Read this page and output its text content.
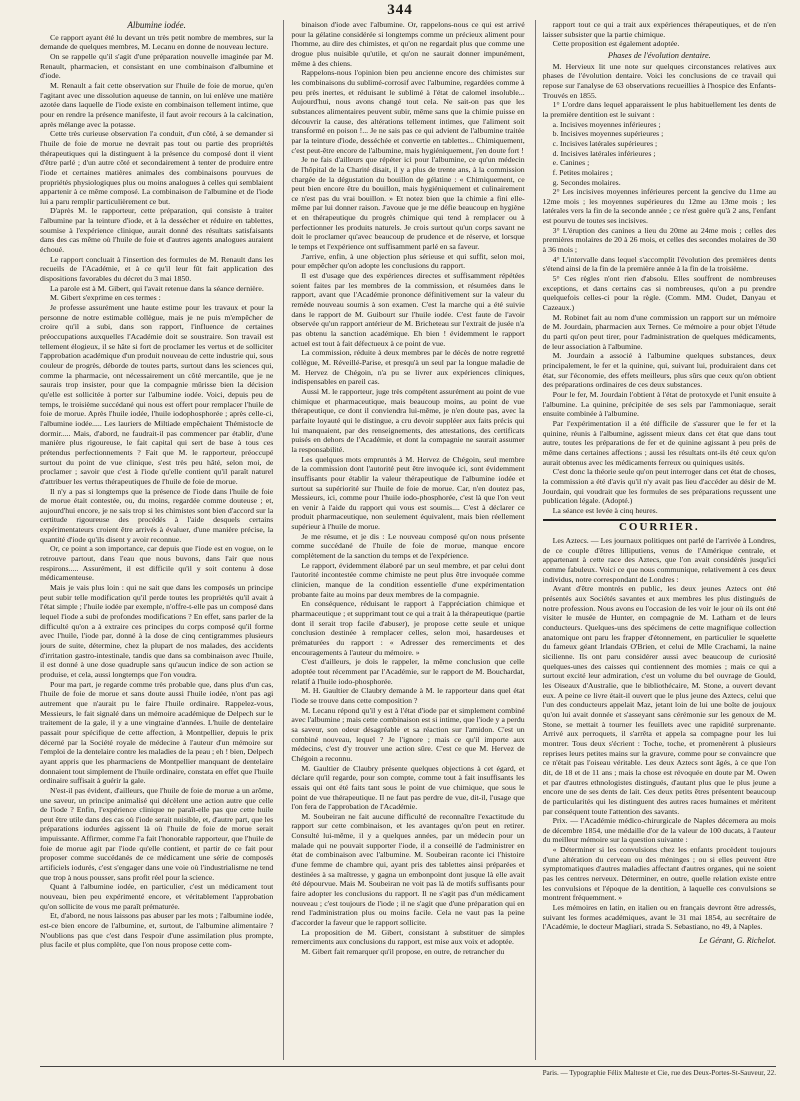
344
Albumine iodée.

Ce rapport ayant été lu devant un très petit nombre de membres, sur la demande de quelques membres, M. Lecanu en donne de nouveau lecture.

On se rappelle qu'il s'agit d'une préparation nouvelle imaginée par M. Renault, pharmacien, et consistant en une combinaison d'albumine et d'iode.

M. Renault a fait cette observation sur l'huile de foie de morue, qu'en l'agitant avec une dissolution aqueuse de tannin, on lui enlève une matière azotée dans laquelle de l'iode existe en combinaison tellement intime, que pour en rendre la présence manifeste, il faut avoir recours à la calcination, après mélange avec la potasse.

Cette très curieuse observation l'a conduit, d'un côté, à se demander si l'huile de foie de morue ne devrait pas tout ou partie des propriétés thérapeutiques qui la distinguent à la présence du composé dont il vient d'être parlé ; d'un autre côté et secondairement à tenter de produire entre l'iode et certaines matières animales des combinaisons pourvues de propriétés physiologiques plus ou moins analogues à celles qui semblaient appartenir à ce même composé. La combinaison de l'albumine et de l'iode lui a paru remplir particulièrement ce but.

D'après M. le rapporteur, cette préparation, qui consiste à traiter l'albumine par la teinture d'iode, et à la dessécher et réduire en tablettes, soumise à l'expérience clinique, aurait donné des résultats satisfaisants dans des cas même où l'huile de foie et d'autres agents analogues auraient échoué.

Le rapport concluait à l'insertion des formules de M. Renault dans les recueils de l'Académie, et à ce qu'il leur fût fait application des dispositions favorables du décret du 3 mai 1850.

La parole est à M. Gibert, qui l'avait retenue dans la séance dernière.

M. Gibert s'exprime en ces termes :

Je professe assurément une haute estime pour les travaux et pour la personne de notre estimable collègue, mais je ne puis m'empêcher de croire qu'il a subi, dans son rapport, l'influence de certaines préoccupations auxquelles l'Académie doit se soustraire. Son travail est tellement élogieux, il se hâte si fort de proclamer les vertus et de solliciter l'approbation académique d'un produit nouveau de cette industrie qui, sous couleur de progrès, déborde de toutes parts, surtout dans les sciences qui, comme la pharmacie, ont nécessairement un côté mercantile, que je ne saurais trop insister, pour que la compagnie mûrisse bien la décision qu'elle est sollicitée à porter sur l'albumine iodée. Voici, depuis peu de temps, le troisième succédané qui nous est offert pour remplacer l'huile de foie de morue. Après l'huile iodée, l'huile iodophosphorée ; après celle-ci, l'albumine iodée..... Les lauriers de Miltiade empêchaient Thémistocle de dormir..... Mais, d'abord, ne faudrait-il pas commencer par établir, d'une manière plus rigoureuse, le fait capital qui sert de base à tous ces prétendus perfectionnements ? Fait que M. le rapporteur, préoccupé surtout du point de vue clinique, s'est très peu hâté, selon moi, de proclamer ; savoir que c'est à l'iode qu'elle contient qu'il paraît naturel d'attribuer les vertus thérapeutiques de l'huile de foie de morue.

Il n'y a pas si longtemps que la présence de l'iode dans l'huile de foie de morue était contestée, ou, du moins, regardée comme douteuse ; et, aujourd'hui encore, je ne sais trop si les chimistes sont bien d'accord sur la certitude rigoureuse des procédés à l'aide desquels certains expérimentateurs croient être arrivés à évaluer, d'une manière précise, la quantité d'iode qu'ils disent y avoir reconnue.

Or, ce point a son importance, car depuis que l'iode est en vogue, on le retrouve partout, dans l'eau que nous buvons, dans l'air que nous respirons..... Assurément, il est difficile qu'il y soit contenu à dose médicamenteuse.

Mais je vais plus loin : qui ne sait que dans les composés un principe peut subir telle modification qu'il perde toutes les propriétés qu'il avait à l'état simple ; l'huile iodée par exemple, n'offre-t-elle pas un composé dans lequel l'iode a subi de profondes modifications ? En effet, sans parler de la difficulté qu'on a à extraire ces principes du corps composé qu'il forme avec l'huile, l'iode par, donné à la dose de cinq centigrammes plusieurs jours de suite, détermine, chez la plupart de nos malades, des accidents d'irritation gastro-intestinale, tandis que dans sa combinaison avec l'huile, il est donné à une dose quadruple sans qu'aucun indice de son action se produise, et cela, aussi longtemps que l'on voudra.

Pour ma part, je regarde comme très probable que, dans plus d'un cas, l'huile de foie de morue et sans doute aussi l'huile iodée, n'ont pas agi autrement que n'aurait pu le faire l'huile ordinaire. Rappelez-vous, Messieurs, le fait signalé dans un mémoire académique de Delpech sur le traitement de la gale, il y a une vingtaine d'années. L'huile de dentelaire passait pour spécifique de cette affection, à Montpellier, depuis le prix décerné par la Société royale de médecine à l'auteur d'un mémoire sur l'emploi de la dentelaire contre les maladies de la peau ; eh ! bien, Delpech ayant appris que les pharmaciens de Montpellier manquant de dentelaire donnaient tout simplement de l'huile ordinaire, constata en effet que l'huile ordinaire suffisait à guérir la gale.

N'est-il pas évident, d'ailleurs, que l'huile de foie de morue a un arôme, une saveur, un principe animalisé qui décèlent une action autre que celle de l'iode ? Enfin, l'expérience clinique ne paraît-elle pas que cette huile peut être utile dans des cas où l'iode serait nuisible, et, d'autre part, que les préparations iodurées agissent là où l'huile de foie de morue serait impuissante. Affirmer, comme l'a fait l'honorable rapporteur, que l'huile de foie de morue agit par l'iode qu'elle contient, et partir de ce fait pour proposer comme succédanés de ce médicament une série de composés artificiels iodurés, c'est s'engager dans une voie où l'industrialisme ne tend que trop à nous pousser, sans profit réel pour la science.

Quant à l'albumine iodée, en particulier, c'est un médicament tout nouveau, bien peu expérimenté encore, et véritablement l'approbation qu'on sollicite de vous me paraît prématurée.

Et, d'abord, ne nous laissons pas abuser par les mots ; l'albumine iodée, est-ce bien encore de l'albumine, et, surtout, de l'albumine alimentaire ? N'oublions pas que c'est dans l'espoir d'une assimilation plus prompte, plus facile et plus complète, que l'on nous propose cette com-

binaison d'iode avec l'albumine. Or, rappelons-nous ce qui est arrivé pour la gélatine considérée si longtemps comme un précieux aliment pour l'homme, au dire des chimistes, et qu'on ne regardait plus que comme une drogue plus nuisible qu'utile, et qu'on ne saurait donner impunément, même à des chiens.

Rappelons-nous l'opinion bien peu ancienne encore des chimistes sur les combinaisons du sublimé-corrosif avec l'albumine, regardées comme à peu près inertes, et réduisant le sublimé à l'état de calomel insoluble... Aujourd'hui, nous avons changé tout cela. Ne sait-on pas que les substances alimentaires peuvent subir, même sans que la chimie puisse en découvrir la cause, des altérations tellement intimes, que l'aliment soit transformé en poison !... Je ne sais pas ce qui advient de l'albumine traitée par la teinture d'iode, desséchée et convertie en tablettes... Chimiquement, c'est peut-être encore de l'albumine, mais hygiéniquement, j'en doute fort !

Je ne fais d'ailleurs que répéter ici pour l'albumine, ce qu'un médecin de l'hôpital de la Charité disait, il y a plus de trente ans, à la commission chargée de la dégustation du bouillon de gélatine : « Chimiquement, ce peut bien encore être du bouillon, mais hygiéniquement et culinairement ce n'est pas du vrai bouillon. » Et notez bien que la chimie a fini elle-même par lui donner raison. J'avoue que je me défie beaucoup en hygiène et en thérapeutique du progrès chimique qui tend à remplacer ou à perfectionner les produits naturels. Je crois surtout qu'un corps savant ne doit le proclamer qu'avec beaucoup de prudence et de réserve, et lorsque le temps et l'expérience ont suffisamment parlé en sa faveur.

J'arrive, enfin, à une objection plus sérieuse et qui suffit, selon moi, pour empêcher qu'on adopte les conclusions du rapport.

Il est d'usage que des expériences directes et suffisamment répétées soient faites par les membres de la commission, et résumées dans le rapport, avant que l'Académie prononce définitivement sur la valeur du remède nouveau soumis à son examen. C'est la marche qui a été suivie dans le rapport de M. Guibourt sur l'huile iodée. C'est faute de l'avoir observée qu'un rapport antérieur de M. Bricheteau sur l'extrait de jusée n'a pas obtenu la sanction académique. Eh bien ! évidemment le rapport actuel est tout à fait défectueux à ce point de vue.

La commission, réduite à deux membres par le décès de notre regretté collègue, M. Réveillé-Parise, et presqu'à un seul par la longue maladie de M. Hervez de Chégoin, n'a pu se livrer aux expériences cliniques, indispensables en pareil cas.

Aussi M. le rapporteur, juge très compétent assurément au point de vue chimique et pharmaceutique, mais beaucoup moins, au point de vue thérapeutique, ce dont il conviendra lui-même, je n'en doute pas, avec la parfaite loyauté qui le distingue, a cru devoir suppléer aux faits précis qui lui manquaient, par des renseignements, des attestations, des certificats puisés en dehors de l'Académie, et dont la compagnie ne saurait assumer la responsabilité.

Les quelques mots empruntés à M. Hervez de Chégoin, seul membre de la commission dont l'autorité peut être invoquée ici, sont évidemment insuffisants pour établir la valeur thérapeutique de l'albumine iodée et surtout sa supériorité sur l'huile de foie de morue. Car, n'en doutez pas, Messieurs, ici, comme pour l'huile iodo-phosphorée, c'est là que l'on veut en venir à l'aide du rapport qui vous est soumis.... C'est à déclarer ce produit pharmaceutique, non seulement équivalent, mais bien réellement supérieur à l'huile de morue.

Je me résume, et je dis : Le nouveau composé qu'on nous présente comme succédané de l'huile de foie de morue, manque encore complètement de la sanction du temps et de l'expérience.

Le rapport, évidemment élaboré par un seul membre, et par celui dont l'autorité incontestée comme chimiste ne peut plus être invoquée comme clinicien, manque de la condition essentielle d'une expérimentation probante faite au moins par deux membres de la compagnie.

En conséquence, réduisant le rapport à l'appréciation chimique et pharmaceutique ; et supprimant tout ce qui a trait à la thérapeutique (partie dont il serait trop facile d'abuser), je propose cette seule et unique conclusion destinée à remplacer celles, selon moi, hasardeuses et prématurées du rapport : « Adresser des remerciments et des encouragements à l'auteur du mémoire. »

C'est d'ailleurs, je dois le rappeler, la même conclusion que celle adoptée tout récemment par l'Académie, sur le rapport de M. Bouchardat, relatif à l'huile iodo-phosphorée.

M. H. Gaultier de Claubry demande à M. le rapporteur dans quel état l'iode se trouve dans cette composition ?

M. Lecanu répond qu'il y est à l'état d'iode par et simplement combiné avec l'albumine ; mais cette combinaison est si intime, que l'iode y a perdu sa saveur, son odeur désagréable et sa réaction sur l'amidon. C'est un combiné nouveau, lequel ? Je l'ignore ; mais ce qu'il importe aux médecins, c'est d'y trouver une action sûre. C'est ce que M. Hervez de Chégoin a reconnu.

M. Gaultier de Claubry présente quelques objections à cet égard, et déclare qu'il regarde, pour son compte, comme tout à fait insuffisants les essais qui ont été faits tant sous le point de vue chimique, que sous le point de vue thérapeutique. Il ne faut pas perdre de vue, dit-il, l'usage que l'on fera de l'approbation de l'Académie.

M. Soubeiran ne fait aucune difficulté de reconnaître l'exactitude du rapport sur cette combinaison, et les avantages qu'on peut en retirer. Consulté lui-même, il y a quelques années, par un médecin pour un malade qui ne pouvait supporter l'iode, il a conseillé de l'administrer en état de combinaison avec l'albumine. M. Soubeiran raconte ici l'histoire d'une femme de chambre qui, ayant pris des tablettes ainsi préparées et destinées à sa maîtresse, y gagna un embonpoint dont jusque là elle avait été dépourvue. Mais M. Soubeiran ne voit pas là de motifs suffisants pour faire adopter les conclusions du rapport. Il ne s'agit pas d'un médicament nouveau ; c'est toujours de l'iode ; il ne s'agit que d'une préparation qui en rend l'administration plus ou moins facile. Cela ne vaut pas la peine d'accorder la faveur que le rapport sollicite.

La proposition de M. Gibert, consistant à substituer de simples remerciments aux conclusions du rapport, est mise aux voix et adoptée.

M. Gibert fait remarquer qu'il propose, en outre, de retrancher du

rapport tout ce qui a trait aux expériences thérapeutiques, et de n'en laisser subsister que la partie chimique.

Cette proposition est également adoptée.

Phases de l'évolution dentaire.

M. Hervieux lit une note sur quelques circonstances relatives aux phases de l'évolution dentaire. Voici les conclusions de ce travail qui repose sur l'analyse de 63 observations recueillies à l'hospice des Enfants-Trouvés en 1855.

1° L'ordre dans lequel apparaissent le plus habituellement les dents de la première dentition est le suivant :

a. Incisives moyennes inférieures ;
b. Incisives moyennes supérieures ;
c. Incisives latérales supérieures ;
d. Incisives latérales inférieures ;
e. Canines ;
f. Petites molaires ;
g. Secondes molaires.

2° Les incisives moyennes inférieures percent la gencive du 11me au 12me mois ; les moyennes supérieures du 12me au 13me mois ; les latérales vers la fin de la seconde année ; ce n'est guère qu'à 2 ans, l'enfant est pourvu de toutes ses incisives.

3° L'éruption des canines a lieu du 20me au 24me mois ; celles des premières molaires de 20 à 26 mois, et celles des secondes molaires de 30 à 36 mois ;

4° L'intervalle dans lequel s'accomplit l'évolution des premières dents s'étend ainsi de la fin de la première année à la fin de la troisième.

5° Ces règles n'ont rien d'absolu. Elles souffrent de nombreuses exceptions, et dans certains cas si nombreuses, qu'on a pu prendre quelquefois celles-ci pour la règle. (Comm. MM. Oudet, Danyau et Cazeaux.)

M. Robinet fait au nom d'une commission un rapport sur un mémoire de M. Jourdain, pharmacien aux Ternes. Ce mémoire a pour objet l'étude du parti qu'on peut tirer, pour l'administration de quelques médicaments, de leur association à l'albumine.

M. Jourdain a associé à l'albumine quelques substances, deux principalement, le fer et la quinine, qui, suivant lui, produiraient dans cet état, sur l'économie, des effets meilleurs, plus sûrs que ceux qu'on obtient des préparations ordinaires de ces deux substances.

Pour le fer, M. Jourdain l'obtient à l'état de protoxyde et l'unit ensuite à l'albumine. La quinine, précipitée de ses sels par l'ammoniaque, serait ensuite combinée à l'albumine.

Par l'expérimentation il a été difficile de s'assurer que le fer et la quinine, réunis à l'albumine, agissent mieux dans cet état que dans tout autre, toutes les préparations de fer et de quinine agissant à peu près de même dans certaines affections ; aussi les résultats ont-ils été ceux qu'on aurait obtenus avec les médicaments ferreux ou quiniques usités.

C'est donc la théorie seule qu'on peut interroger dans cet état de choses, la commission a été d'avis qu'il n'y avait pas lieu d'accéder au désir de M. Jourdain, qui voudrait que les formules de ses préparations reçussent une publication légale. (Adopté.)

La séance est levée à cinq heures.

COURRIER.

Les Aztecs. — Les journaux politiques ont parlé de l'arrivée à Londres, de ce couple d'êtres lilliputiens, venus de l'Amérique centrale, et appartenant à cette race des Aztecs, que l'on avait considérés jusqu'ici comme fabuleux. Voici ce que nous communique, relativement à ces deux individus, notre correspondant de Londres :

Avant d'être montrés en public, les deux jeunes Aztecs ont été présentés aux Sociétés savantes et aux membres les plus distingués de notre profession. Nous avons eu l'occasion de les voir le jour où ils ont été visiter le musée de Hunter, en compagnie de M. Latham et de leurs conducteurs. Quelques-uns des spécimens de cette magnifique collection anatomique ont paru les frapper d'étonnement, en particulier le squelette du fameux géant Irlandais O'Brien, et celui de Mlle Crachami, la naine sicilienne. Ils ont paru considérer aussi avec beaucoup de curiosité quelques-unes des caisses qui contiennent des momies ; mais ce qui a surtout excité leur admiration, c'est un volume du bel ouvrage de Gould, les Oiseaux d'Australie, que le bibliothécaire, M. Stone, a ouvert devant eux. A peine ce livre était-il ouvert que le plus jeune des Aztecs, celui que l'un des conducteurs appelait Maz, jetant loin de lui une boîte de joujoux qu'on lui avait donnée et s'asseyant sans cérémonie sur les genoux de M. Stone, se mettait à tourner les feuillets avec une rapidité surprenante. Arrivé aux perroquets, il s'arrêta et appela sa compagne pour les lui montrer. Tous deux s'écrient : Toche, toche, et promenèrent à plusieurs reprises leurs petites mains sur la gravure, comme pour se convaincre que ce n'était pas l'oiseau véritable. Les deux Aztecs sont âgés, à ce que l'on dit, de 18 et de 11 ans ; mais la chose est révoquée en doute par M. Owen et par d'autres ethnologistes distingués, d'autant plus que le plus jeune a encore une de ses dents de lait. Ces deux petits êtres présentent beaucoup de particularités qui les distinguent des autres races humaines et méritent par conséquent toute l'attention des savants.

Prix. — l'Académie médico-chirurgicale de Naples décernera au mois de décembre 1854, une médaille d'or de la valeur de 100 ducats, à l'auteur du meilleur mémoire sur la question suivante :

« Déterminer si les convulsions chez les enfants procèdent toujours d'une altération du cerveau ou des méninges ; ou si elles peuvent être symptomatiques d'autres maladies affectant d'autres organes, qui ne soient pas les centres nerveux. Déterminer, en outre, quelle relation existe entre les convulsions et l'époque de la dentition, à laquelle ces convulsions se montrent fréquemment. »

Les mémoires en latin, en italien ou en français devront être adressés, suivant les formes académiques, avant le 31 mai 1854, au secrétaire de l'Académie, le docteur Magliari, strada S. Sebastiano, no 49, à Naples.

Le Gérant, G. Richelot.
Paris. — Typographie Félix Malteste et Cie, rue des Deux-Portes-St-Sauveur, 22.
